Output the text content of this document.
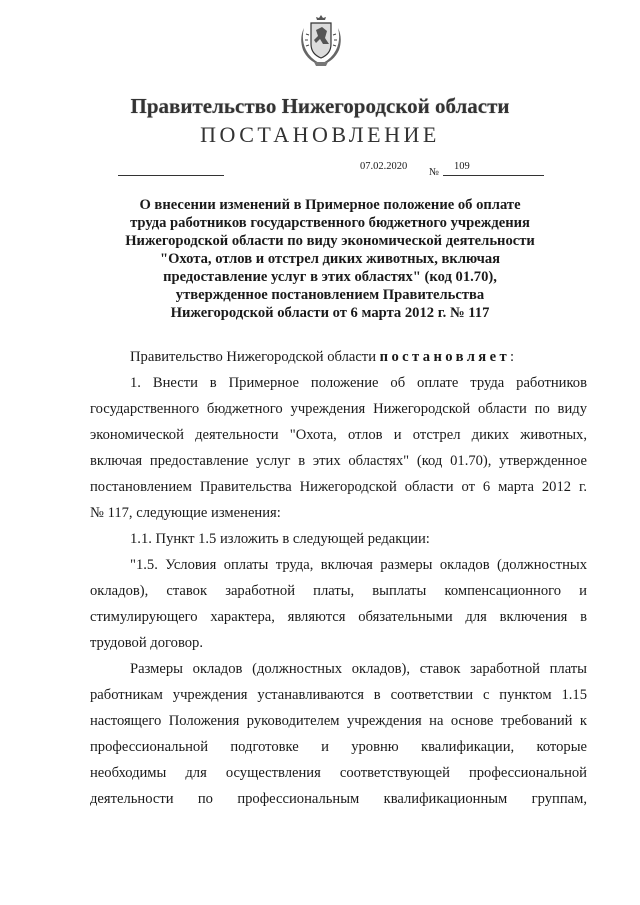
Правительство Нижегородской области
ПОСТАНОВЛЕНИЕ
07.02.2020
№
109
О внесении изменений в Примерное положение об оплате
труда работников государственного бюджетного учреждения
Нижегородской области по виду экономической деятельности
"Охота, отлов и отстрел диких животных, включая
предоставление услуг в этих областях" (код 01.70),
утвержденное постановлением Правительства
Нижегородской области от 6 марта 2012 г. № 117
Правительство Нижегородской области постановляет:
1. Внести в Примерное положение об оплате труда работников
государственного бюджетного учреждения Нижегородской области по виду
экономической деятельности "Охота, отлов и отстрел диких животных,
включая предоставление услуг в этих областях" (код 01.70), утвержденное
постановлением Правительства Нижегородской области от 6 марта 2012 г.
№ 117, следующие изменения:
1.1. Пункт 1.5 изложить в следующей редакции:
"1.5. Условия оплаты труда, включая размеры окладов (должностных
окладов), ставок заработной платы, выплаты компенсационного и
стимулирующего характера, являются обязательными для включения в
трудовой договор.
Размеры окладов (должностных окладов), ставок заработной платы
работникам учреждения устанавливаются в соответствии с пунктом 1.15
настоящего Положения руководителем учреждения на основе требований к
профессиональной подготовке и уровню квалификации, которые
необходимы для осуществления соответствующей профессиональной
деятельности по профессиональным квалификационным группам,
